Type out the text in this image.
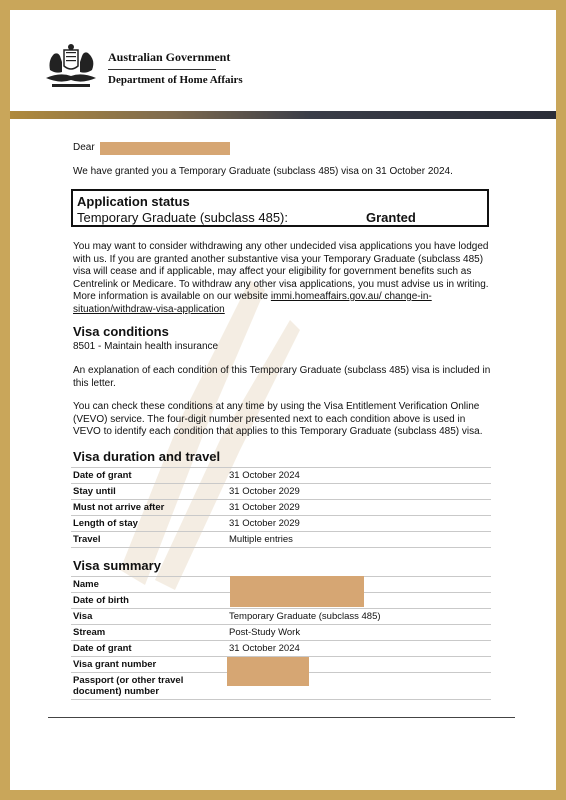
Australian Government
Department of Home Affairs
Dear
We have granted you a Temporary Graduate (subclass 485) visa on 31 October 2024.
You may want to consider withdrawing any other undecided visa applications you have lodged with us. If you are granted another substantive visa your Temporary Graduate (subclass 485) visa will cease and if applicable, may affect your eligibility for government benefits such as Centrelink or Medicare. To withdraw any other visa applications, you must advise us in writing. More information is available on our website immi.homeaffairs.gov.au/ change-in-situation/withdraw-visa-application
Visa conditions
8501 - Maintain health insurance
An explanation of each condition of this Temporary Graduate (subclass 485) visa is included in this letter.
You can check these conditions at any time by using the Visa Entitlement Verification Online (VEVO) service. The four-digit number presented next to each condition above is used in VEVO to identify each condition that applies to this Temporary Graduate (subclass 485) visa.
Visa duration and travel
Visa summary
Application status
Temporary Graduate (subclass 485):	Granted
Date of grant	31 October 2024
Stay until	31 October 2029
Must not arrive after	31 October 2029
Length of stay	31 October 2029
Travel	Multiple entries
Name	
Date of birth	
Visa	Temporary Graduate (subclass 485)
Stream	Post-Study Work
Date of grant	31 October 2024
Visa grant number	
Passport (or other travel document) number	
